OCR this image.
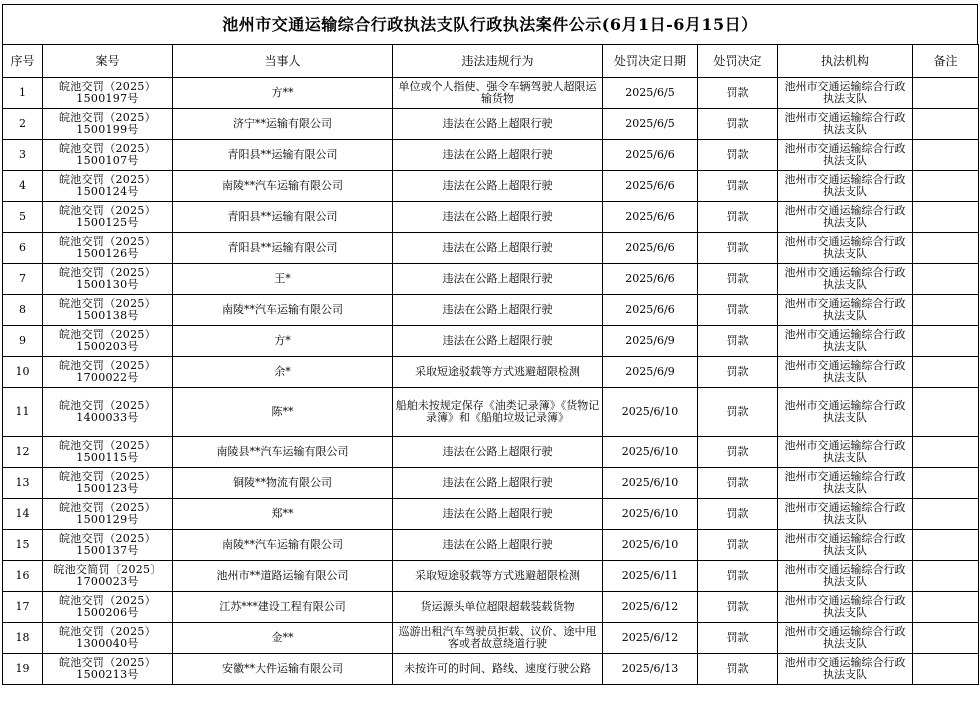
池州市交通运输综合行政执法支队行政执法案件公示(6月1日-6月15日）
序号	案号	当事人	违法违规行为	处罚决定日期	处罚决定	执法机构	备注
1	皖池交罚（2025）1500197号	方**	单位或个人指使、强令车辆驾驶人超限运输货物	2025/6/5	罚款	池州市交通运输综合行政执法支队	
2	皖池交罚（2025）1500199号	济宁**运输有限公司	违法在公路上超限行驶	2025/6/5	罚款	池州市交通运输综合行政执法支队	
3	皖池交罚（2025）1500107号	青阳县**运输有限公司	违法在公路上超限行驶	2025/6/6	罚款	池州市交通运输综合行政执法支队	
4	皖池交罚（2025）1500124号	南陵**汽车运输有限公司	违法在公路上超限行驶	2025/6/6	罚款	池州市交通运输综合行政执法支队	
5	皖池交罚（2025）1500125号	青阳县**运输有限公司	违法在公路上超限行驶	2025/6/6	罚款	池州市交通运输综合行政执法支队	
6	皖池交罚（2025）1500126号	青阳县**运输有限公司	违法在公路上超限行驶	2025/6/6	罚款	池州市交通运输综合行政执法支队	
7	皖池交罚（2025）1500130号	王*	违法在公路上超限行驶	2025/6/6	罚款	池州市交通运输综合行政执法支队	
8	皖池交罚（2025）1500138号	南陵**汽车运输有限公司	违法在公路上超限行驶	2025/6/6	罚款	池州市交通运输综合行政执法支队	
9	皖池交罚（2025）1500203号	方*	违法在公路上超限行驶	2025/6/9	罚款	池州市交通运输综合行政执法支队	
10	皖池交罚（2025）1700022号	余*	采取短途驳载等方式逃避超限检测	2025/6/9	罚款	池州市交通运输综合行政执法支队	
11	皖池交罚（2025）1400033号	陈**	船舶未按规定保存《油类记录簿》《货物记录簿》和《船舶垃圾记录簿》	2025/6/10	罚款	池州市交通运输综合行政执法支队	
12	皖池交罚（2025）1500115号	南陵县**汽车运输有限公司	违法在公路上超限行驶	2025/6/10	罚款	池州市交通运输综合行政执法支队	
13	皖池交罚（2025）1500123号	铜陵**物流有限公司	违法在公路上超限行驶	2025/6/10	罚款	池州市交通运输综合行政执法支队	
14	皖池交罚（2025）1500129号	郑**	违法在公路上超限行驶	2025/6/10	罚款	池州市交通运输综合行政执法支队	
15	皖池交罚（2025）1500137号	南陵**汽车运输有限公司	违法在公路上超限行驶	2025/6/10	罚款	池州市交通运输综合行政执法支队	
16	皖池交简罚〔2025〕1700023号	池州市**道路运输有限公司	采取短途驳载等方式逃避超限检测	2025/6/11	罚款	池州市交通运输综合行政执法支队	
17	皖池交罚（2025）1500206号	江苏***建设工程有限公司	货运源头单位超限超载装载货物	2025/6/12	罚款	池州市交通运输综合行政执法支队	
18	皖池交罚（2025）1300040号	金**	巡游出租汽车驾驶员拒载、议价、途中甩客或者故意绕道行驶	2025/6/12	罚款	池州市交通运输综合行政执法支队	
19	皖池交罚（2025）1500213号	安徽**大件运输有限公司	未按许可的时间、路线、速度行驶公路	2025/6/13	罚款	池州市交通运输综合行政执法支队	
